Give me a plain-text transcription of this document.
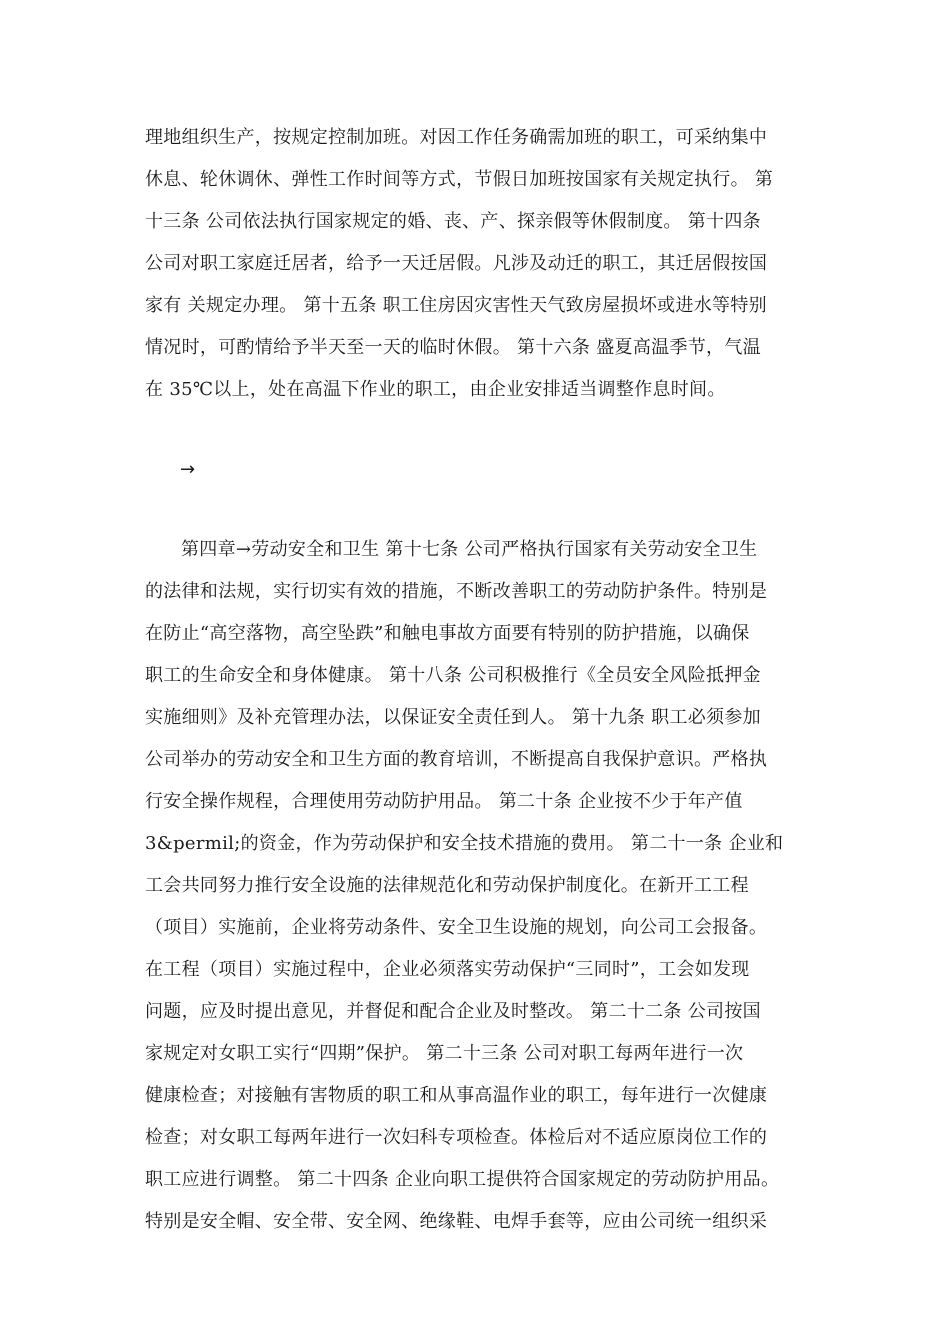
理地组织生产，按规定控制加班。对因工作任务确需加班的职工，可采纳集中
休息、轮休调休、弹性工作时间等方式，节假日加班按国家有关规定执行。 第
十三条 公司依法执行国家规定的婚、丧、产、探亲假等休假制度。 第十四条
公司对职工家庭迁居者，给予一天迁居假。凡涉及动迁的职工，其迁居假按国
家有 关规定办理。 第十五条 职工住房因灾害性天气致房屋损坏或进水等特别
情况时，可酌情给予半天至一天的临时休假。 第十六条 盛夏高温季节，气温
在 35℃以上，处在高温下作业的职工，由企业安排适当调整作息时间。
→
第四章→劳动安全和卫生 第十七条 公司严格执行国家有关劳动安全卫生
的法律和法规，实行切实有效的措施，不断改善职工的劳动防护条件。特别是
在防止“高空落物，高空坠跌”和触电事故方面要有特别的防护措施，以确保
职工的生命安全和身体健康。 第十八条 公司积极推行《全员安全风险抵押金
实施细则》及补充管理办法，以保证安全责任到人。 第十九条 职工必须参加
公司举办的劳动安全和卫生方面的教育培训，不断提高自我保护意识。严格执
行安全操作规程，合理使用劳动防护用品。 第二十条 企业按不少于年产值
3&permil;的资金，作为劳动保护和安全技术措施的费用。 第二十一条 企业和
工会共同努力推行安全设施的法律规范化和劳动保护制度化。在新开工工程
（项目）实施前，企业将劳动条件、安全卫生设施的规划，向公司工会报备。
在工程（项目）实施过程中，企业必须落实劳动保护“三同时”，工会如发现
问题，应及时提出意见，并督促和配合企业及时整改。 第二十二条 公司按国
家规定对女职工实行“四期”保护。 第二十三条 公司对职工每两年进行一次
健康检查；对接触有害物质的职工和从事高温作业的职工，每年进行一次健康
检查；对女职工每两年进行一次妇科专项检查。体检后对不适应原岗位工作的
职工应进行调整。 第二十四条 企业向职工提供符合国家规定的劳动防护用品。
特别是安全帽、安全带、安全网、绝缘鞋、电焊手套等，应由公司统一组织采
